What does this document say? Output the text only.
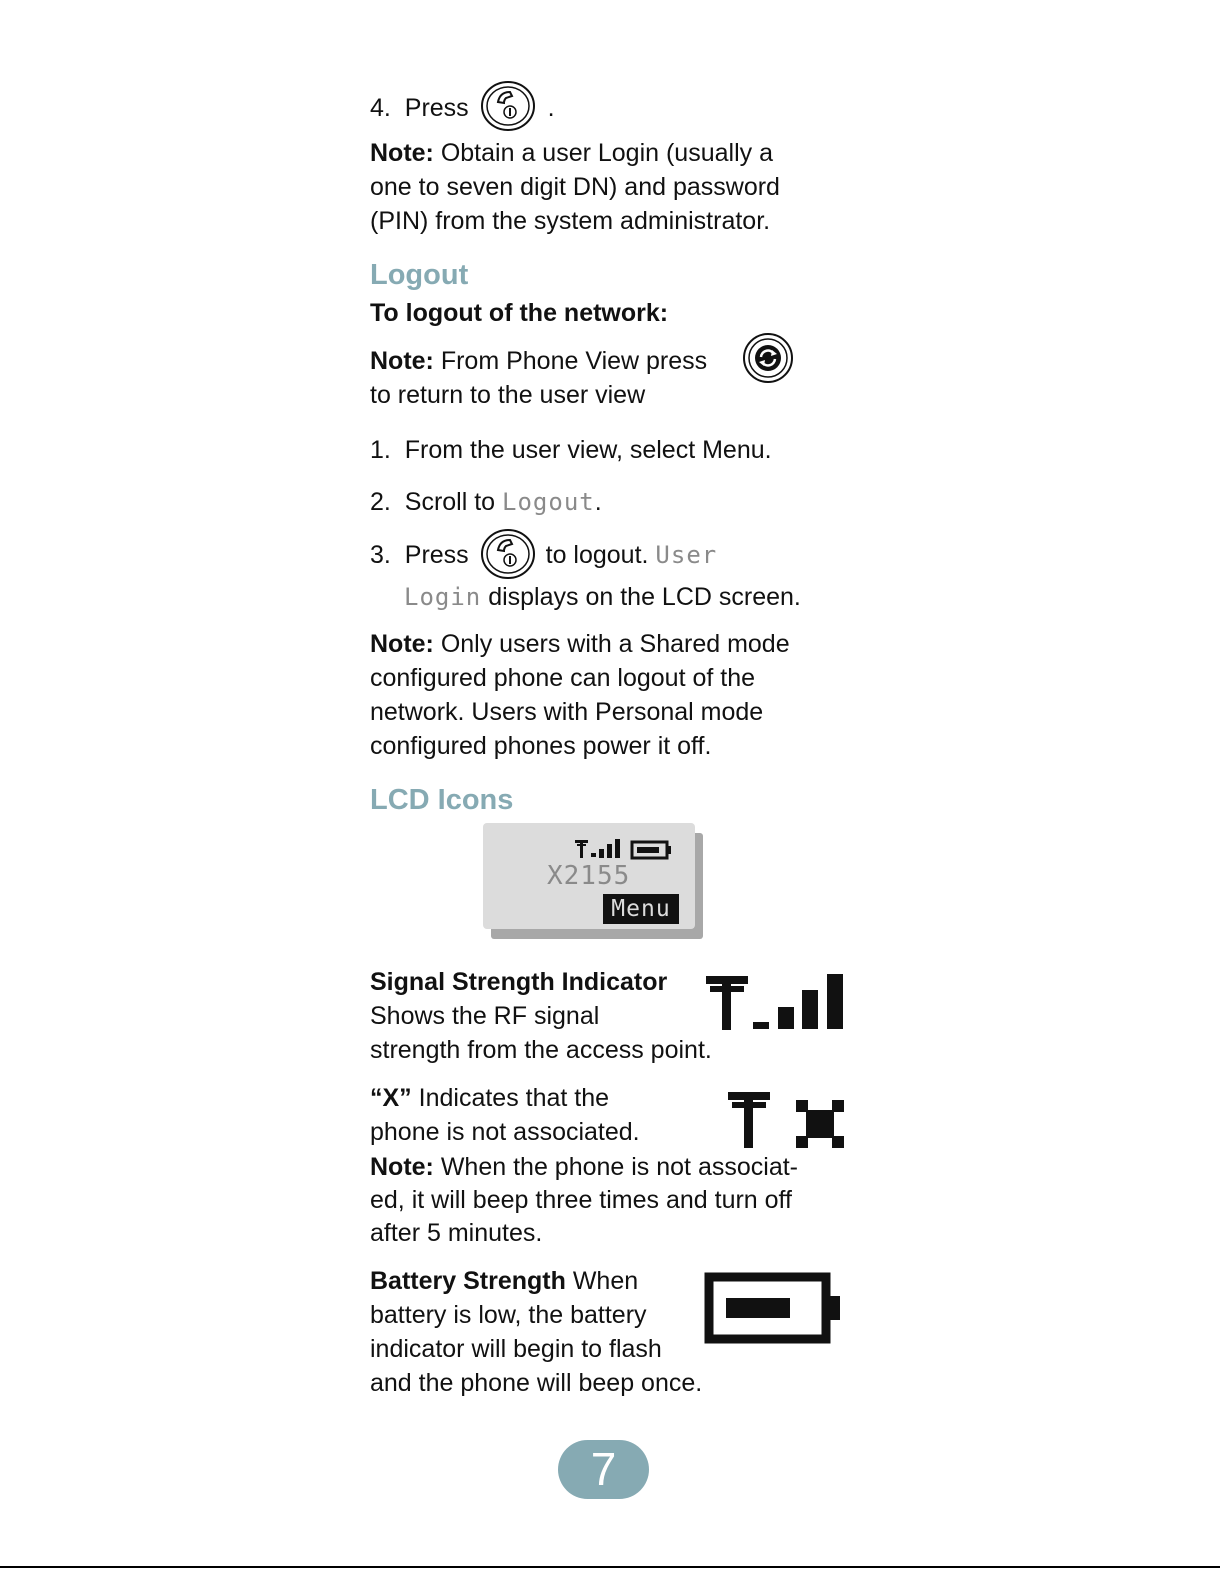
4. Press	.
Note: Obtain a user Login (usually a
one to seven digit DN) and password
(PIN) from the system administrator.
Logout
To logout of the network:
Note: From Phone View press
to return to the user view
1. From the user view, select Menu.
2. Scroll to Logout.
3. Press	to logout. User
Login displays on the LCD screen.
Note: Only users with a Shared mode
configured phone can logout of the
network. Users with Personal mode
configured phones power it off.
LCD Icons
X2155
Menu
Signal Strength Indicator
Shows the RF signal
strength from the access point.
“X” Indicates that the
phone is not associated.
Note: When the phone is not associat-
ed, it will beep three times and turn off
after 5 minutes.
Battery Strength When
battery is low, the battery
indicator will begin to flash
and the phone will beep once.
7
